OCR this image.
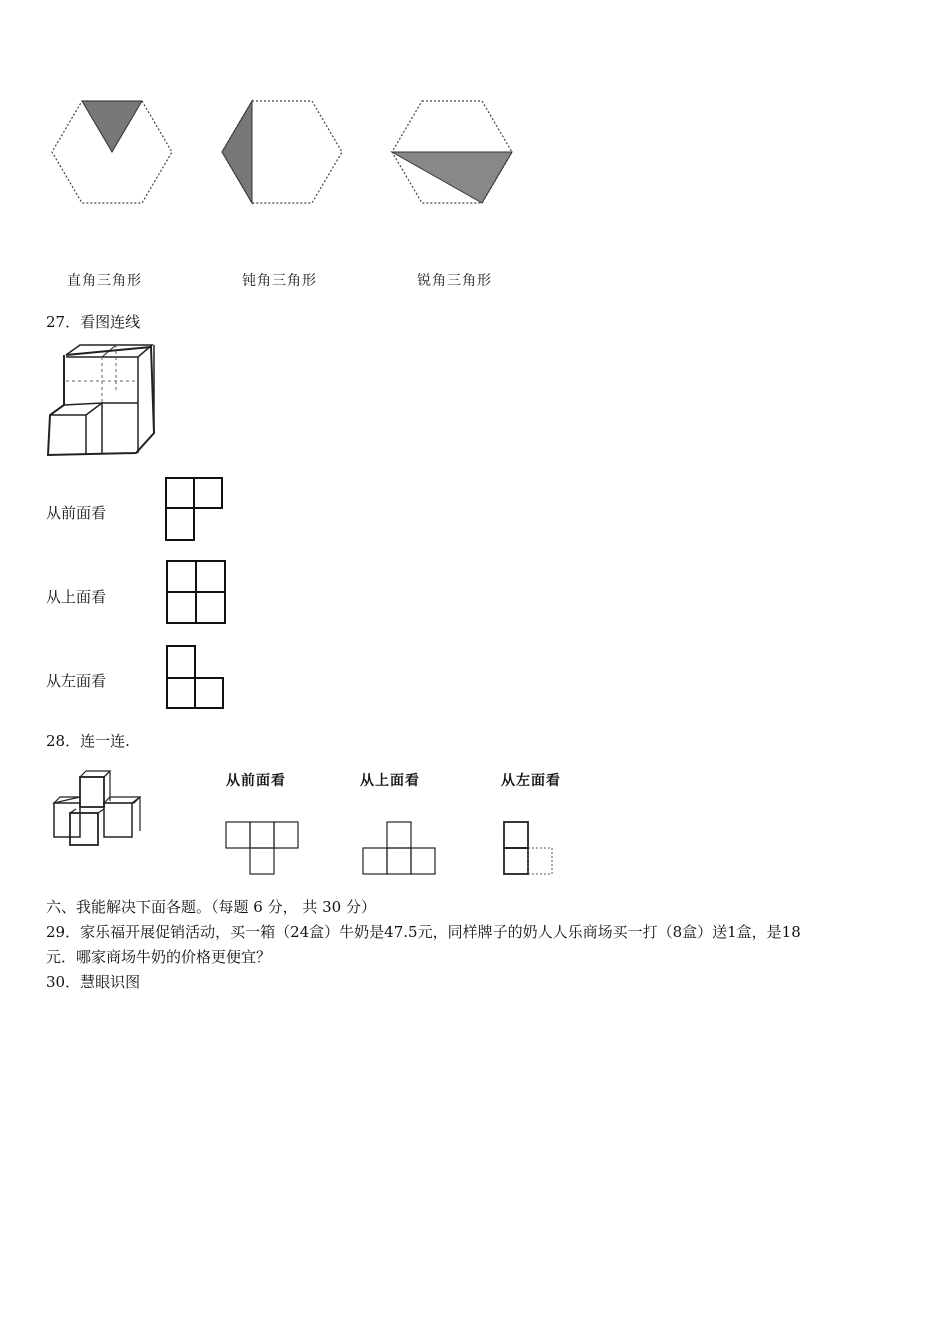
直角三角形	钝角三角形	锐角三角形
27．看图连线
从前面看
从上面看
从左面看
28．连一连.
从前面看	从上面看	从左面看
六、我能解决下面各题。（每题 6 分， 共 30 分）
29．家乐福开展促销活动，买一箱（24盒）牛奶是47.5元，同样牌子的奶人人乐商场买一打（8盒）送1盒，是18
元．哪家商场牛奶的价格更便宜？
30．慧眼识图
